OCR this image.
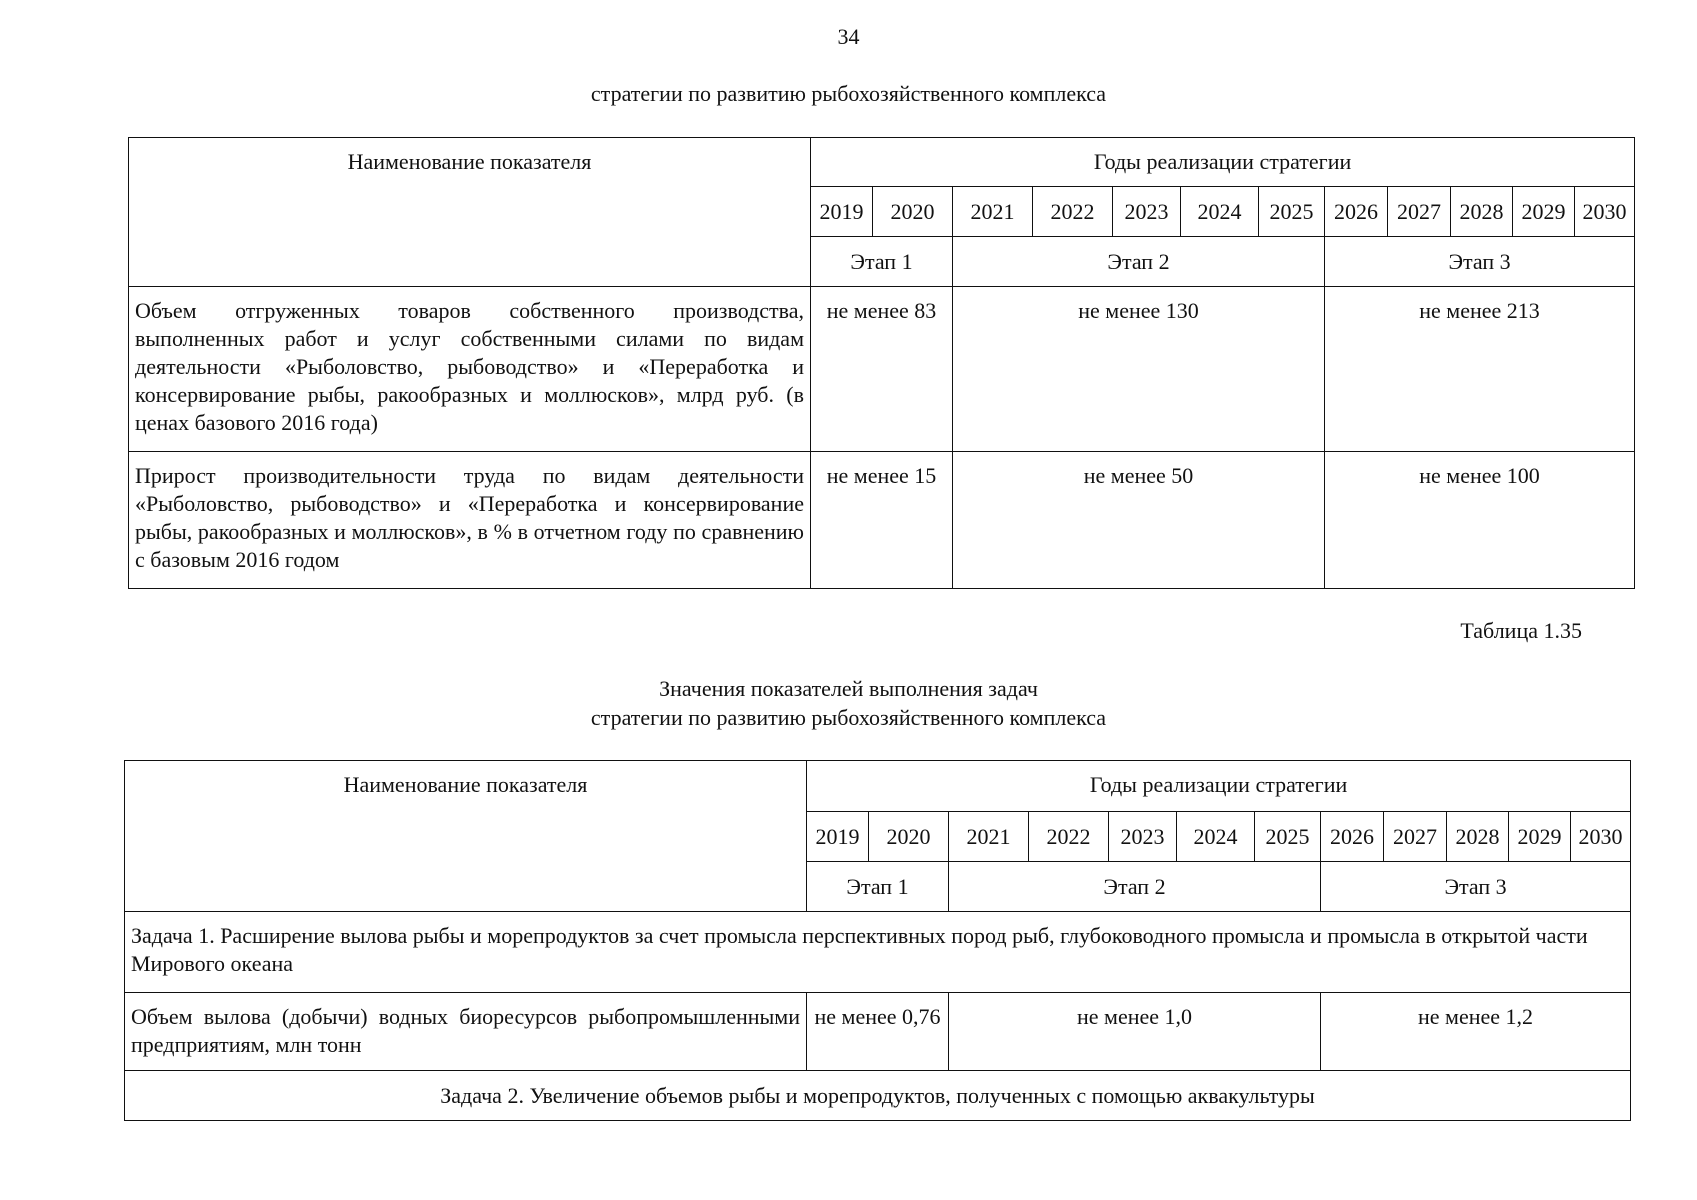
34
стратегии по развитию рыбохозяйственного комплекса
Наименование показателя	Годы реализации стратегии											
	2019	2020	2021	2022	2023	2024	2025	2026	2027	2028	2029	2030
	Этап 1		Этап 2					Этап 3				
Объем отгруженных товаров собственного производства, выполненных работ и услуг собственными силами по видам деятельности «Рыболовство, рыбоводство» и «Переработка и консервирование рыбы, ракообразных и моллюсков», млрд руб. (в ценах базового 2016 года)	не менее 83		не менее 130					не менее 213				
Прирост производительности труда по видам деятельности «Рыболовство, рыбоводство» и «Переработка и консервирование рыбы, ракообразных и моллюсков», в % в отчетном году по сравнению с базовым 2016 годом	не менее 15		не менее 50					не менее 100				
Таблица 1.35
Значения показателей выполнения задач
стратегии по развитию рыбохозяйственного комплекса
Наименование показателя	Годы реализации стратегии											
	2019	2020	2021	2022	2023	2024	2025	2026	2027	2028	2029	2030
	Этап 1		Этап 2					Этап 3				
Задача 1. Расширение вылова рыбы и морепродуктов за счет промысла перспективных пород рыб, глубоководного промысла и промысла в открытой части Мирового океана												
Объем вылова (добычи) водных биоресурсов рыбопромышленными предприятиям, млн тонн	не менее 0,76		не менее 1,0					не менее 1,2				
Задача 2. Увеличение объемов рыбы и морепродуктов, полученных с помощью аквакультуры												
